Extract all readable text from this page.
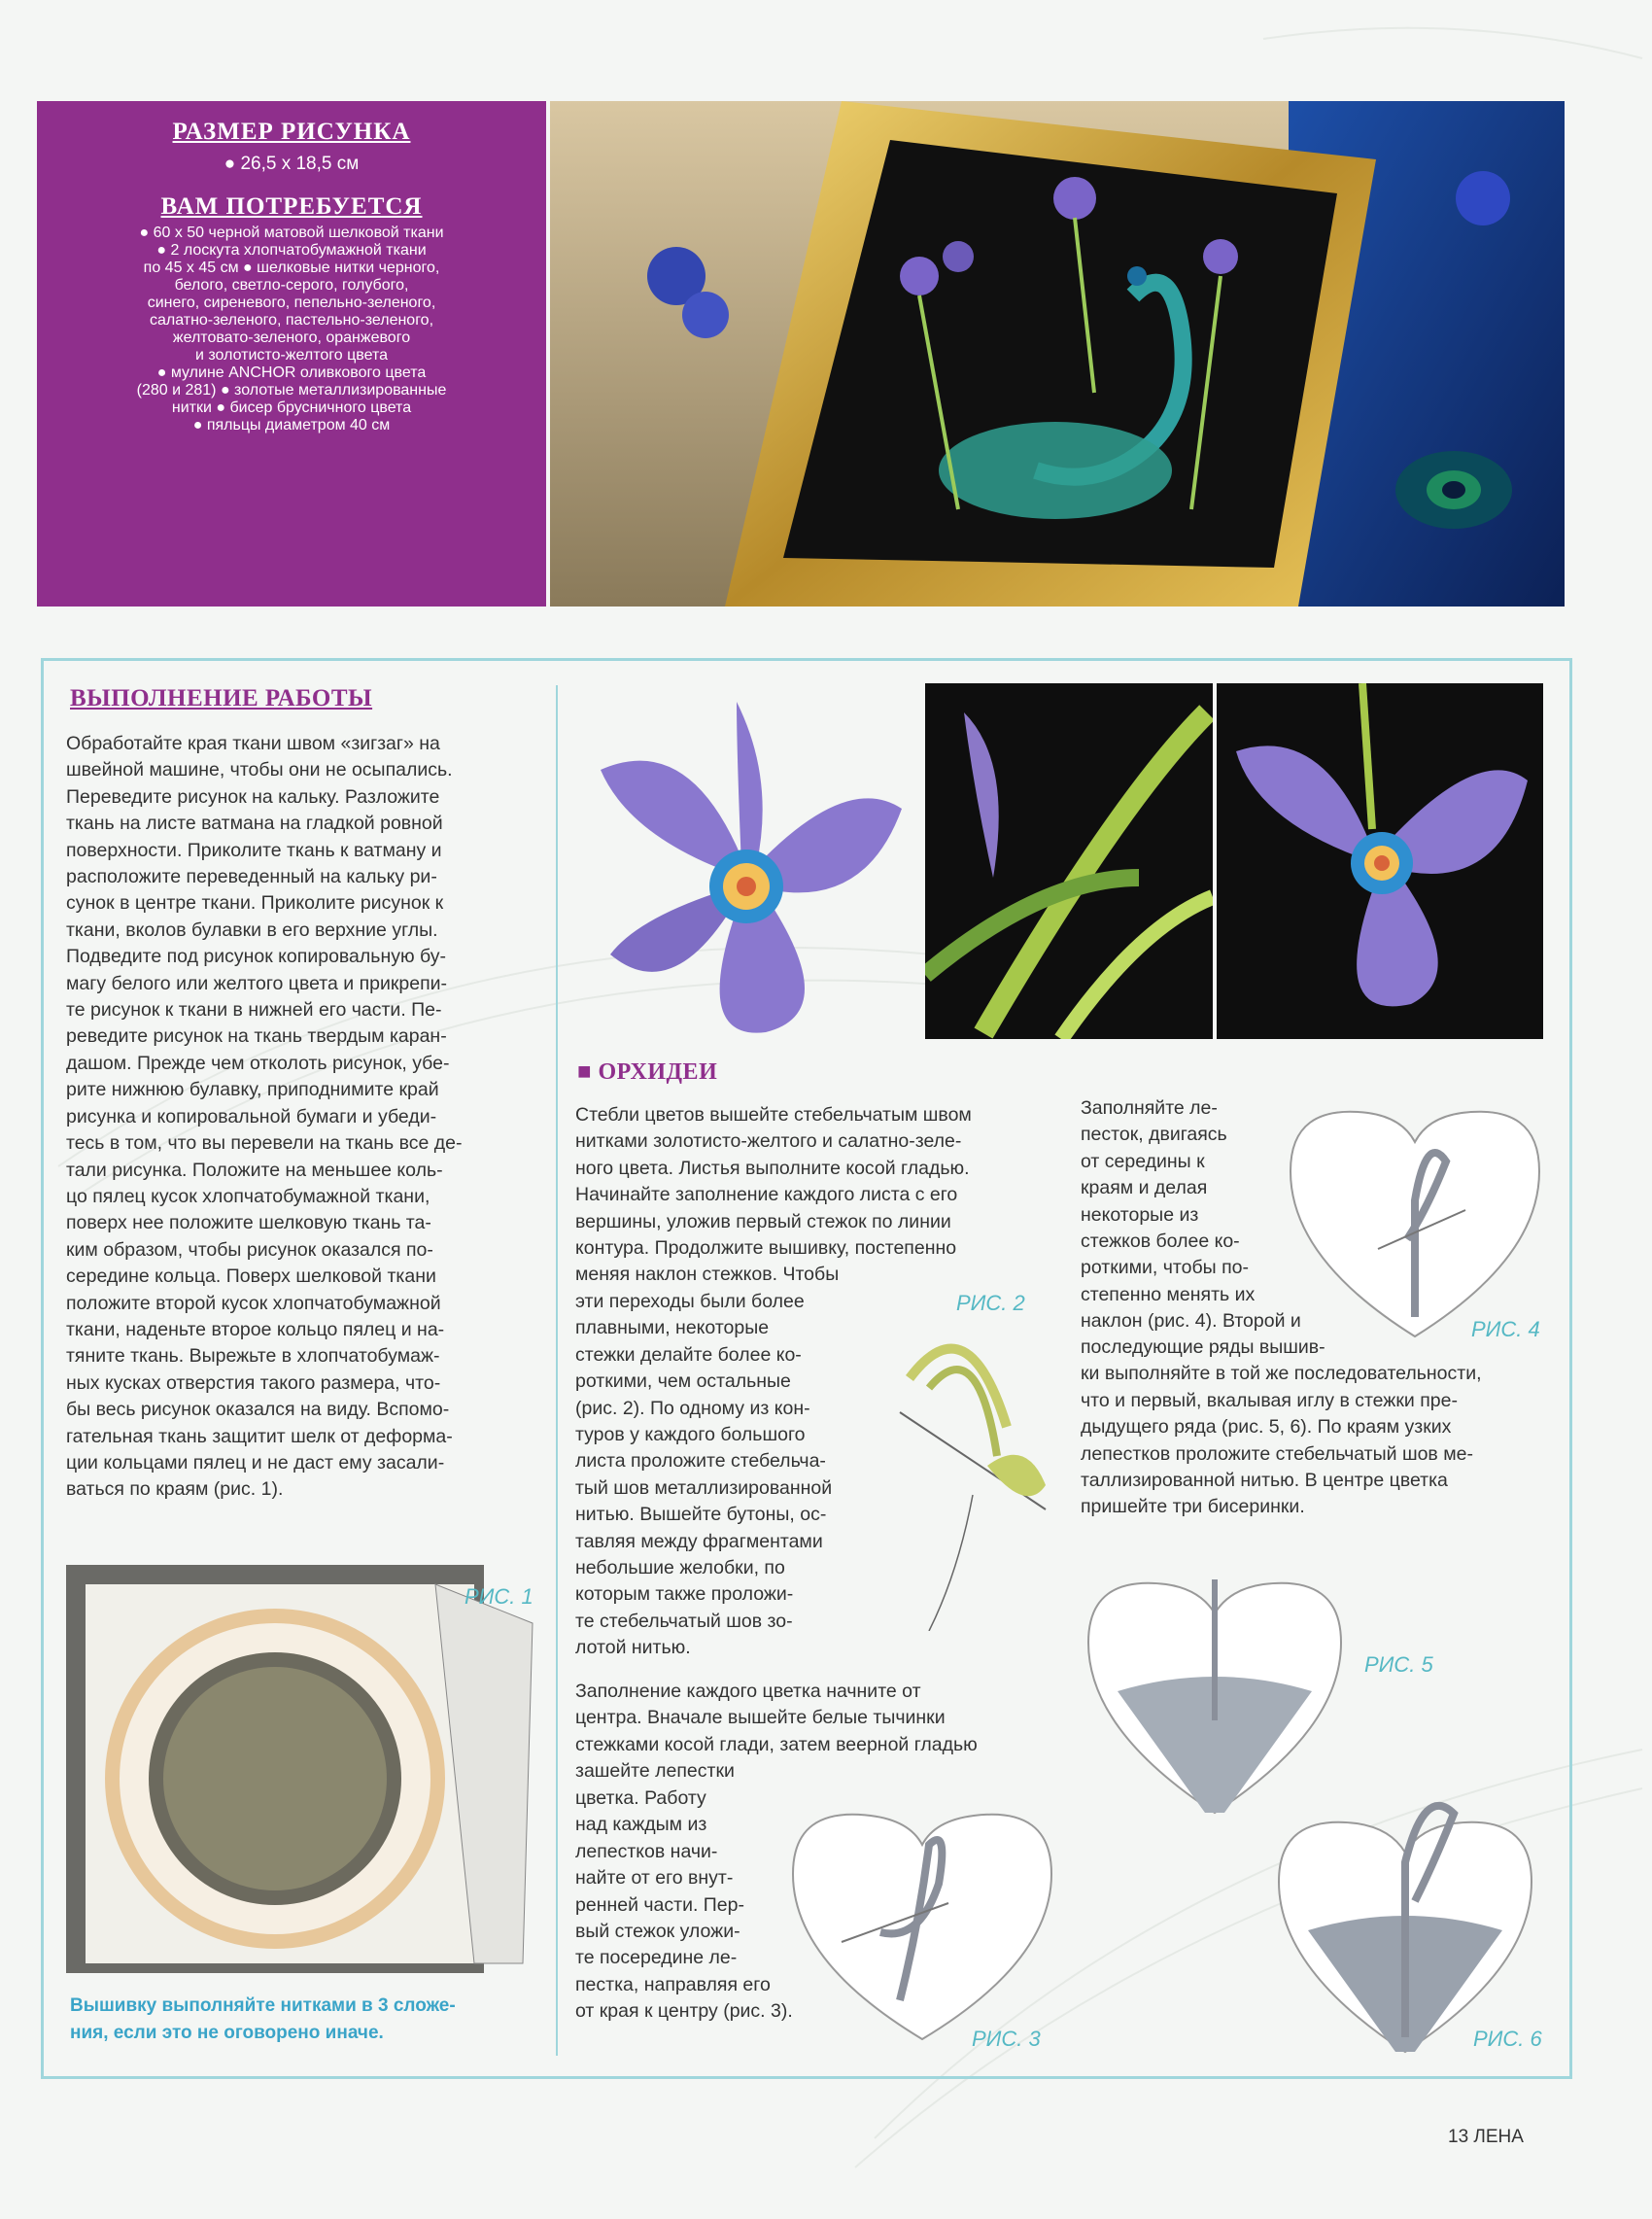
РАЗМЕР РИСУНКА

● 26,5 х 18,5 см

ВАМ ПОТРЕБУЕТСЯ
● 60 х 50 черной матовой шелковой ткани
● 2 лоскута хлопчатобумажной ткани
по 45 х 45 см ● шелковые нитки черного,
белого, светло-серого, голубого,
синего, сиреневого, пепельно-зеленого,
салатно-зеленого, пастельно-зеленого,
желтовато-зеленого, оранжевого
и золотисто-желтого цвета
● мулине ANCHOR оливкового цвета
(280 и 281) ● золотые металлизированные
нитки ● бисер брусничного цвета
● пяльцы диаметром 40 см
ВЫПОЛНЕНИЕ РАБОТЫ
Обработайте края ткани швом «зигзаг» на
швейной машине, чтобы они не осыпались.
Переведите рисунок на кальку. Разложите
ткань на листе ватмана на гладкой ровной
поверхности. Приколите ткань к ватману и
расположите переведенный на кальку ри-
сунок в центре ткани. Приколите рисунок к
ткани, вколов булавки в его верхние углы.
Подведите под рисунок копировальную бу-
магу белого или желтого цвета и прикрепи-
те рисунок к ткани в нижней его части. Пе-
реведите рисунок на ткань твердым каран-
дашом. Прежде чем отколоть рисунок, убе-
рите нижнюю булавку, приподнимите край
рисунка и копировальной бумаги и убеди-
тесь в том, что вы перевели на ткань все де-
тали рисунка. Положите на меньшее коль-
цо пялец кусок хлопчатобумажной ткани,
поверх нее положите шелковую ткань та-
ким образом, чтобы рисунок оказался по-
середине кольца. Поверх шелковой ткани
положите второй кусок хлопчатобумажной
ткани, наденьте второе кольцо пялец и на-
тяните ткань. Вырежьте в хлопчатобумаж-
ных кусках отверстия такого размера, что-
бы весь рисунок оказался на виду. Вспомо-
гательная ткань защитит шелк от деформа-
ции кольцами пялец и не даст ему засали-
ваться по краям (рис. 1).
РИС. 1
Вышивку выполняйте нитками в 3 сложе-
ния, если это не оговорено иначе.
■ ОРХИДЕИ
Стебли цветов вышейте стебельчатым швом
нитками золотисто-желтого и салатно-зеле-
ного цвета. Листья выполните косой гладью.
Начинайте заполнение каждого листа с его
вершины, уложив первый стежок по линии
контура. Продолжите вышивку, постепенно
меняя наклон стежков. Чтобы
эти переходы были более
плавными, некоторые
стежки делайте более ко-
роткими, чем остальные
(рис. 2). По одному из кон-
туров у каждого большого
листа проложите стебельча-
тый шов металлизированной
нитью. Вышейте бутоны, ос-
тавляя между фрагментами
небольшие желобки, по
которым также проложи-
те стебельчатый шов зо-
лотой нитью.
Заполнение каждого цветка начните от
центра. Вначале вышейте белые тычинки
стежками косой глади, затем веерной гладью
зашейте лепестки
цветка. Работу
над каждым из
лепестков начи-
найте от его внут-
ренней части. Пер-
вый стежок уложи-
те посередине ле-
пестка, направляя его
от края к центру (рис. 3).
РИС. 2
РИС. 3
Заполняйте ле-
песток, двигаясь
от середины к
краям и делая
некоторые из
стежков более ко-
роткими, чтобы по-
степенно менять их
наклон (рис. 4). Второй и
последующие ряды вышив-
ки выполняйте в той же последовательности,
что и первый, вкалывая иглу в стежки пре-
дыдущего ряда (рис. 5, 6). По краям узких
лепестков проложите стебельчатый шов ме-
таллизированной нитью. В центре цветка
пришейте три бисеринки.
РИС. 4
РИС. 5
РИС. 6
13 ЛЕНА
